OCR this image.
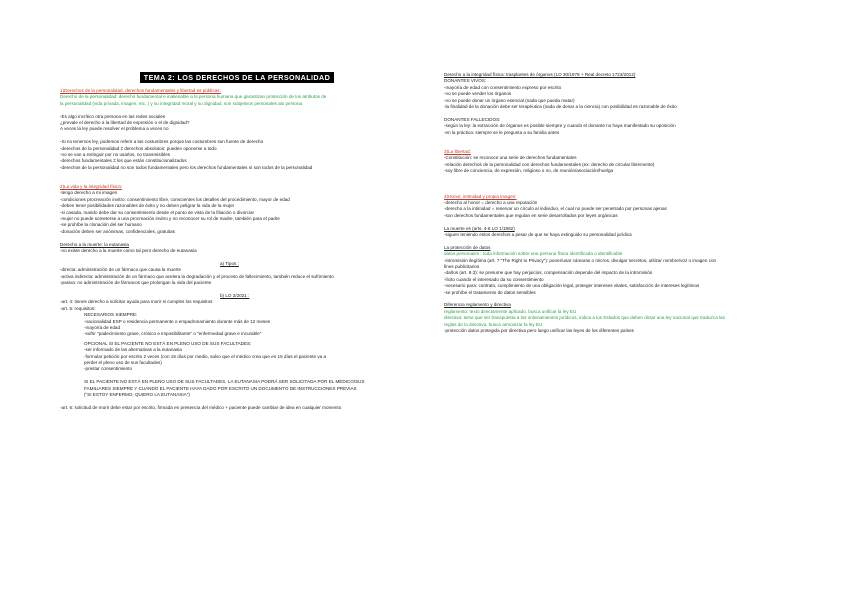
TEMA 2: LOS DERECHOS DE LA PERSONALIDAD
1)Derechos de la personalidad, derechos fundamentales y libertad es públicas:
Derecho de la personalidad: derecho fundamental e inalienable a la persona humana que garantizan protección de los atributos de
la personalidad (vida privada, imagen, etc..) y su integridad moral y su dignidad, son subjetivos personales alo persona
-Es algo incrítico otra persona en las redes sociales
¿prevale el derecho a la libertad de expresión o el de dignidad?
A veces la ley puede resolver el problema a veces no
-Si no tenemos ley, podemos referir a las costumbres porque las costumbres son fuente de derecho
-derechos de la personalidad ≠ derechos absolutos: pueden oponerse a todo
-no se van a extinguir por no usarlos, no transmisibles
-derechos fundamentales ≠ los que están constitucionalizados
-derechos de la personalidad no son todos fundamentales pero los derechos fundamentales sí son todos de la personalidad
2)La vida y la integridad física:
-tengo derecho a mi imagen
-condiciones procreación invitro: consentimiento libre, conscientes los detalles del procedimiento, mayor de edad
-deben tener posibilidades razonables de éxito y no deben peligrar la vida de la mujer
-si casada, marido debe dar su consentimiento desde el punto de vista de la filiación o divorciar
-mujer no puede someterse a una procreación invitro y no reconocer su rol de madre, también para el padre
-se prohíbe la clonación del ser humano
-donación deben ser anónimas, confidenciales, gratuitas
Derecho a la muerte: la eutanasia
-no existe derecho a la muerte como tal pero derecho de eutanasia
a) Tipos :
-directa: administración de un fármaco que causa la muerte
-activa indirecta: administración de un fármaco que acelera la degradación y el proceso de fallecimiento, también reduce el sufrimiento
-pasiva: no administración de fármacos que prolongan la vida del paciente
b) LO 3/2021 :
-art. 4: tienes derecho a solicitar ayuda para morir si cumples los requisitos
-art. 5: requisitos:
NECESARIOS SIEMPRE:
-nacionalidad ESP o residencia permanente o empadronamiento durante más de 12 meses
-mayoría de edad
-sufrir "padecimiento grave, crónico e imposibilitante" o "enfermedad grave e incurable"
OPCIONAL SI EL PACIENTE NO ESTÁ EN PLENO USO DE SUS FACULTADES:
-ser informado de las alternativas a la eutanasia
-formular petición por escrito 2 veces (con 15 días por medio, salvo que el médico crea que en 15 días el paciente va a
perder el pleno uso de sus facultades)
-prestar consentimiento
SI EL PACIENTE NO ESTÁ EN PLENO USO DE SUS FACULTADES, LA EUTANASIA PODRÁ SER SOLICITADA POR EL MÉDICO/SUS
FAMILIARES SIEMPRE Y CUANDO EL PACIENTE HAYA DADO POR ESCRITO UN DOCUMENTO DE INSTRUCCIONES PREVIAS
("SI ESTOY ENFERMO, QUIERO LA EUTANASIA")
-art. 6: solicitud de morir debe estar por escrito, firmada en presencia del médico + paciente puede cambiar de idea en cualquier momento
Derecho a la integridad física: trasplantes de órganos (LO 30/1979 + Real decreto 1723/2012)
DONANTES VIVOS:
-mayoría de edad con consentimiento expreso por escrito
-no se puede vender los órganos
-no se puede donar un órgano esencial (nada que pueda matar)
-la finalidad de la donación debe ser terapéutica (nada de donar a la ciencia) con posibilidad es razonable de éxito
DONANTES FALLECIDOS:
-según la ley: la extracción de órganos es posible siempre y cuando el donante no haya manifestado su oposición
-en la práctica: siempre se le pregunta a su familia antes
3)La libertad:
-Constitución: se reconoce una serie de derechos fundamentales
-relación derechos de la personalidad con derechos fundamentales (ex: derecho de circular libremente)
-soy libre de conciencia, de expresión, religioso o no, de reunión/asociación/huelga
4)Honor, intimidad y propia imagen:
-derecho al honor = derecho a una reputación
-derecho a la intimidad = reservar un círculo al individuo, el cual no puede ser penetrado por personas ajenas
-son derechos fundamentales que regulan en serie desarrollados por leyes orgánicas
La muerte es (arts. 4-6 LO 1/1982)
-siguen teniendo estos derechos a pesar de que se haya extinguido su personalidad jurídica
La protección de datos
datos personales : toda información sobre una persona física identificada o identificable
-intromisión ilegítima (art. 7 "The Right to Privacy"): poner/usar cámaras o micros, divulgar secretos, utilizar nombre/voz o imagen con
fines publicitarios
-daños (art. 9.3): se presume que hay perjuicios, compensación depende del impacto de la intromisión
-lícito cuando el interesado da su consentimiento
-necesario para: contrato, cumplimiento de una obligación legal, proteger intereses vitales, satisfacción de intereses legítimos
-se prohíbe el tratamiento de datos sensibles
Diferencia reglamento y directiva
reglamento: texto directamente aplicado, busca unificar la ley EU
directiva: tiene que ser transpuesta a los ordenamientos jurídicos, indica a los Estados que deben dictar una ley nacional que traduzca las
reglas de la directiva, busca armonizar la ley EU
-protección datos protegida por directiva pero luego unificar las leyes de los diferentes países
